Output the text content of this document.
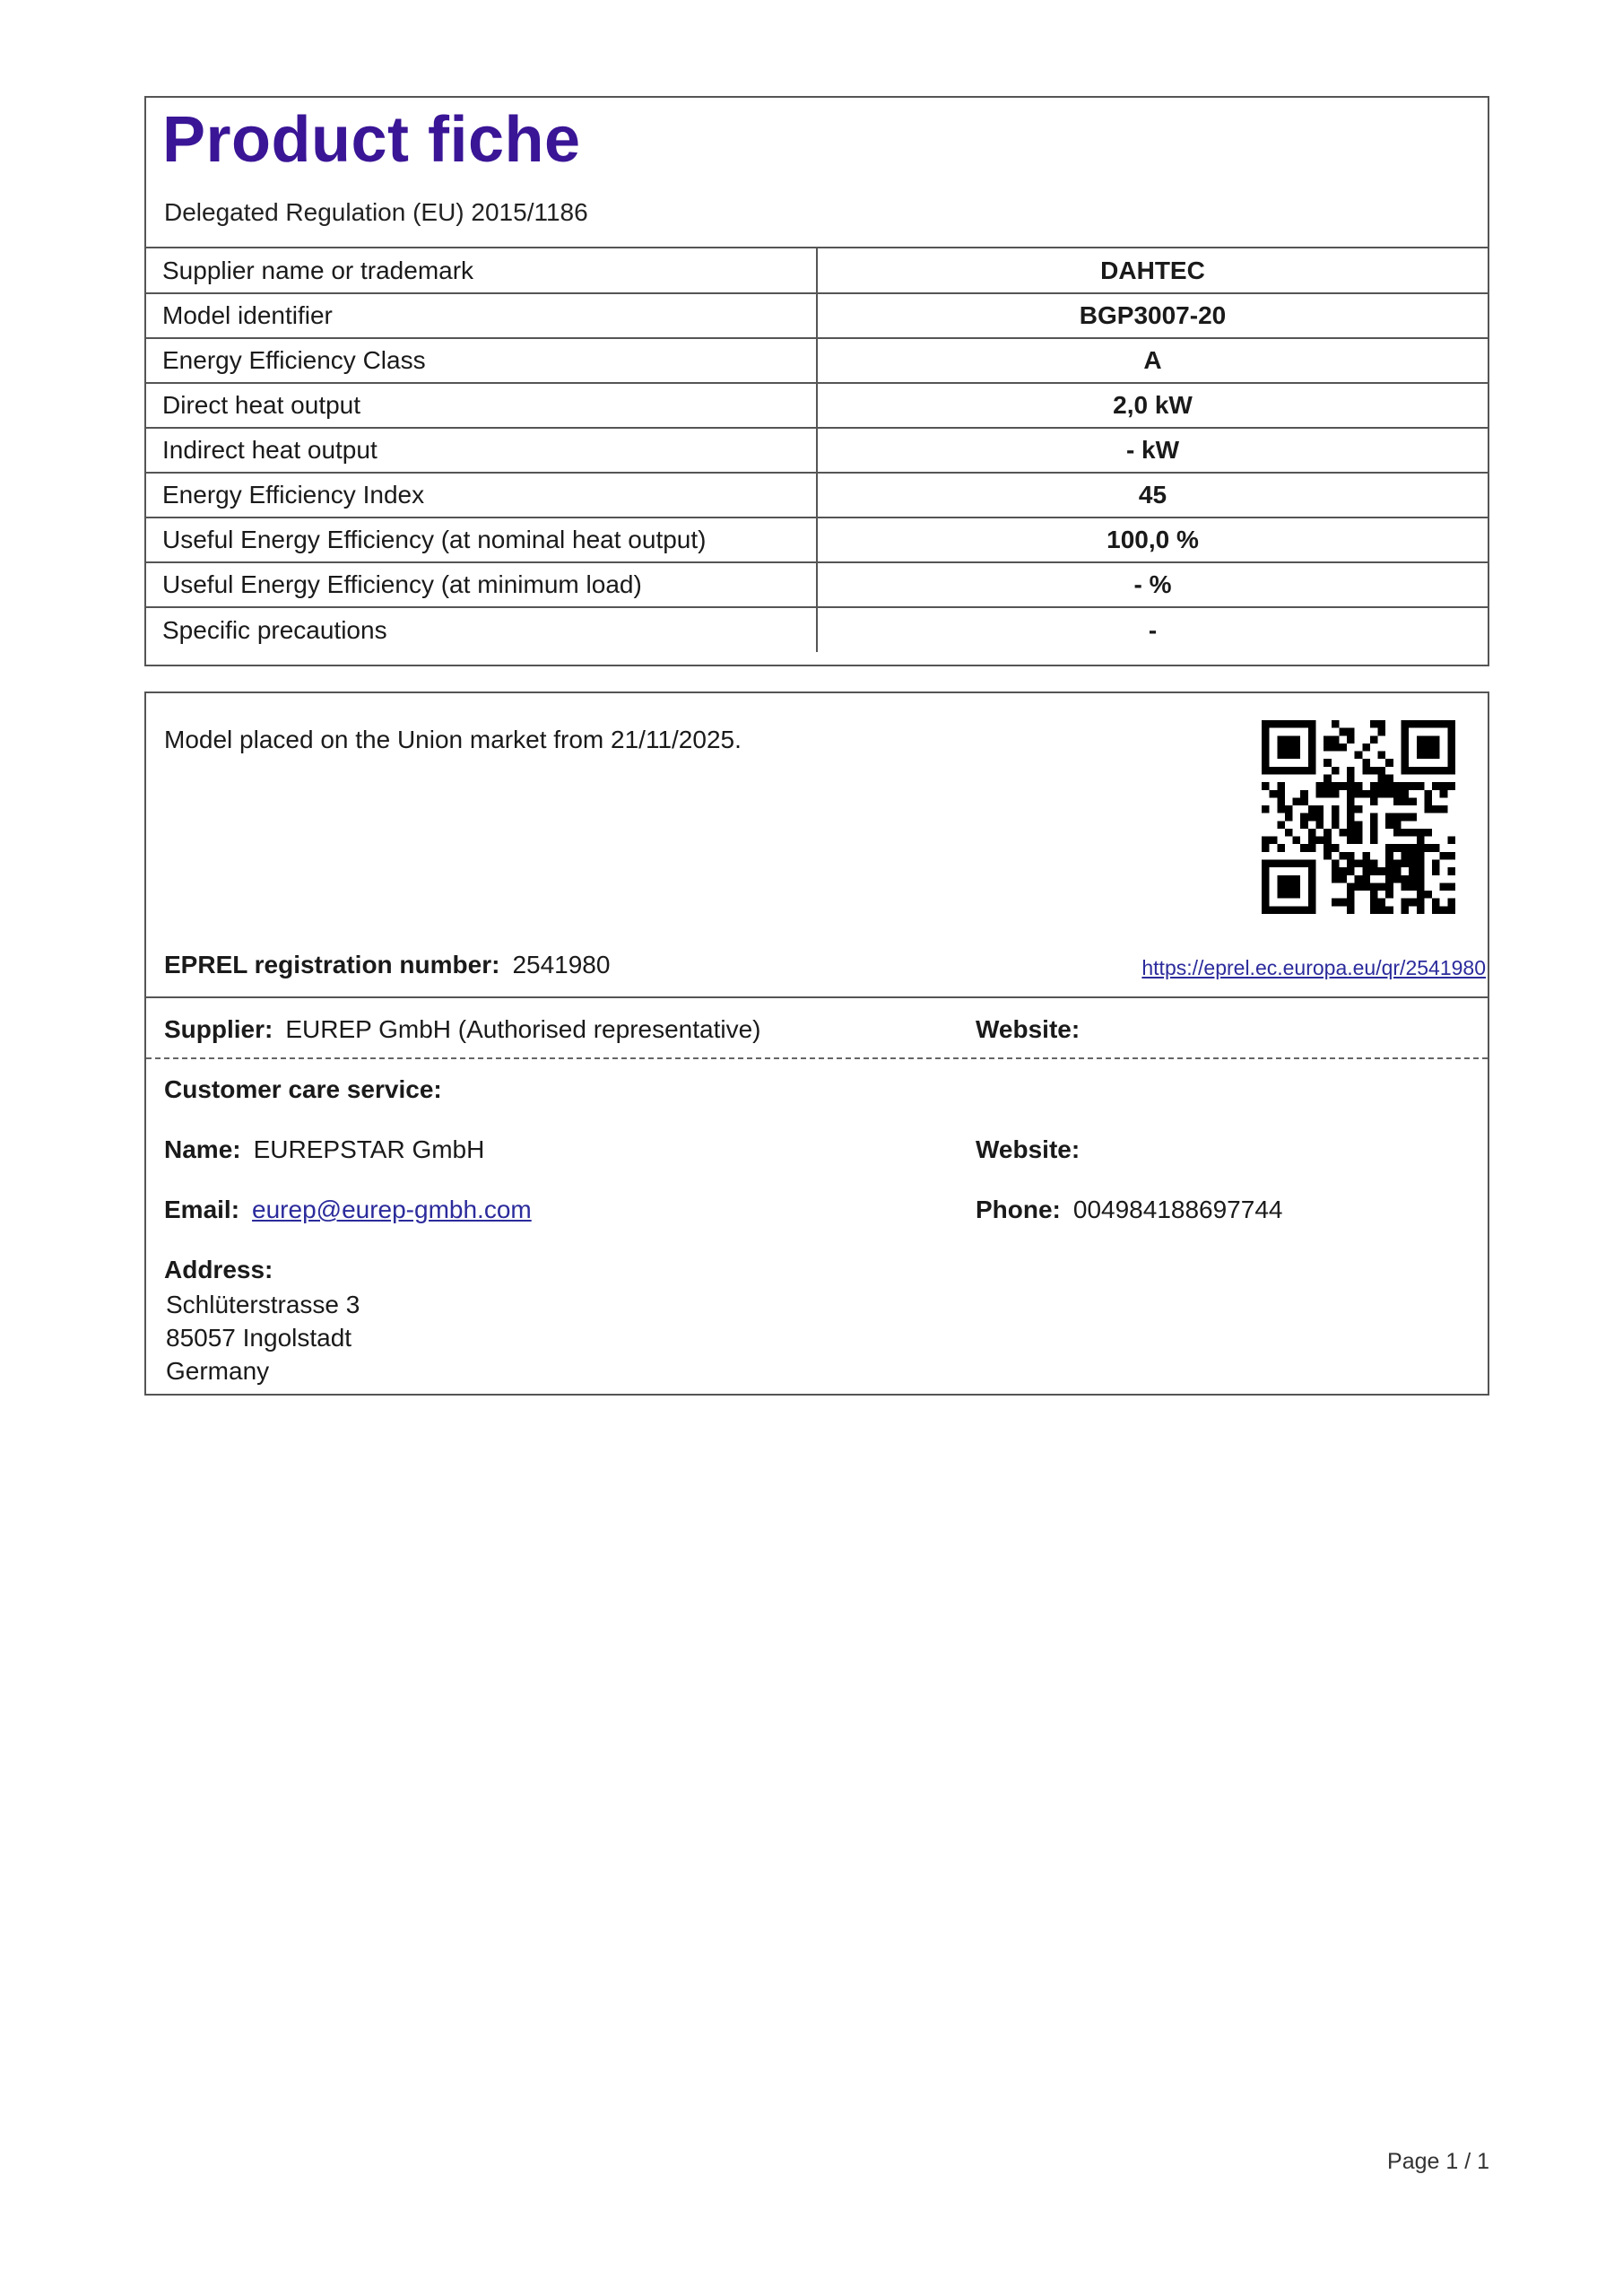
Product fiche
Delegated Regulation (EU) 2015/1186
Supplier name or trademark	DAHTEC
Model identifier	BGP3007-20
Energy Efficiency Class	A
Direct heat output	2,0 kW
Indirect heat output	- kW
Energy Efficiency Index	45
Useful Energy Efficiency (at nominal heat output)	100,0 %
Useful Energy Efficiency (at minimum load)	- %
Specific precautions	-
Model placed on the Union market from 21/11/2025.
EPREL registration number: 2541980	https://eprel.ec.europa.eu/qr/2541980
Supplier: EUREP GmbH (Authorised representative)	Website:
Customer care service:
Name: EUREPSTAR GmbH	Website:
Email: eurep@eurep-gmbh.com	Phone: 004984188697744
Address:
Schlüterstrasse 3
85057 Ingolstadt
Germany
Page 1 / 1
